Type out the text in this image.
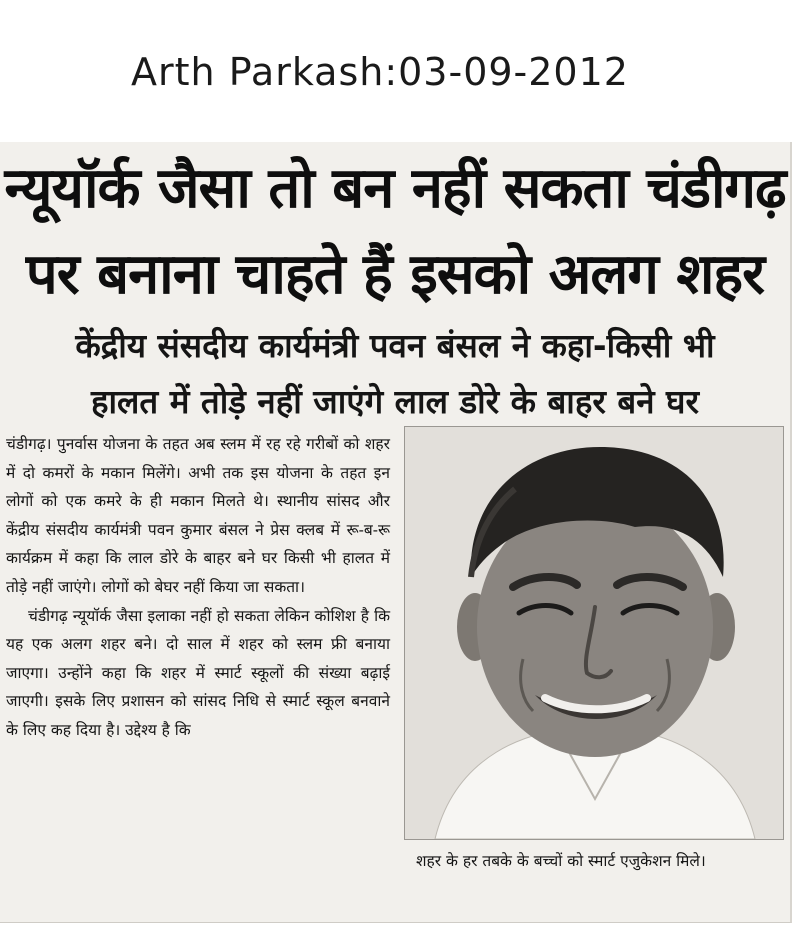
Arth Parkash:03-09-2012
न्यूयॉर्क जैसा तो बन नहीं सकता चंडीगढ़
पर बनाना चाहते हैं इसको अलग शहर
केंद्रीय संसदीय कार्यमंत्री पवन बंसल ने कहा-किसी भी
हालत में तोड़े नहीं जाएंगे लाल डोरे के बाहर बने घर

चंडीगढ़। पुनर्वास योजना के तहत अब स्लम में रह रहे गरीबों को शहर में दो कमरों के मकान मिलेंगे। अभी तक इस योजना के तहत इन लोगों को एक कमरे के ही मकान मिलते थे। स्थानीय सांसद और केंद्रीय संसदीय कार्यमंत्री पवन कुमार बंसल ने प्रेस क्लब में रू-ब-रू कार्यक्रम में कहा कि लाल डोरे के बाहर बने घर किसी भी हालत में तोड़े नहीं जाएंगे। लोगों को बेघर नहीं किया जा सकता।

चंडीगढ़ न्यूयॉर्क जैसा इलाका नहीं हो सकता लेकिन कोशिश है कि यह एक अलग शहर बने। दो साल में शहर को स्लम फ्री बनाया जाएगा। उन्होंने कहा कि शहर में स्मार्ट स्कूलों की संख्या बढ़ाई जाएगी। इसके लिए प्रशासन को सांसद निधि से स्मार्ट स्कूल बनवाने के लिए कह दिया है। उद्देश्य है कि

शहर के हर तबके के बच्चों को स्मार्ट एजुकेशन मिले।
